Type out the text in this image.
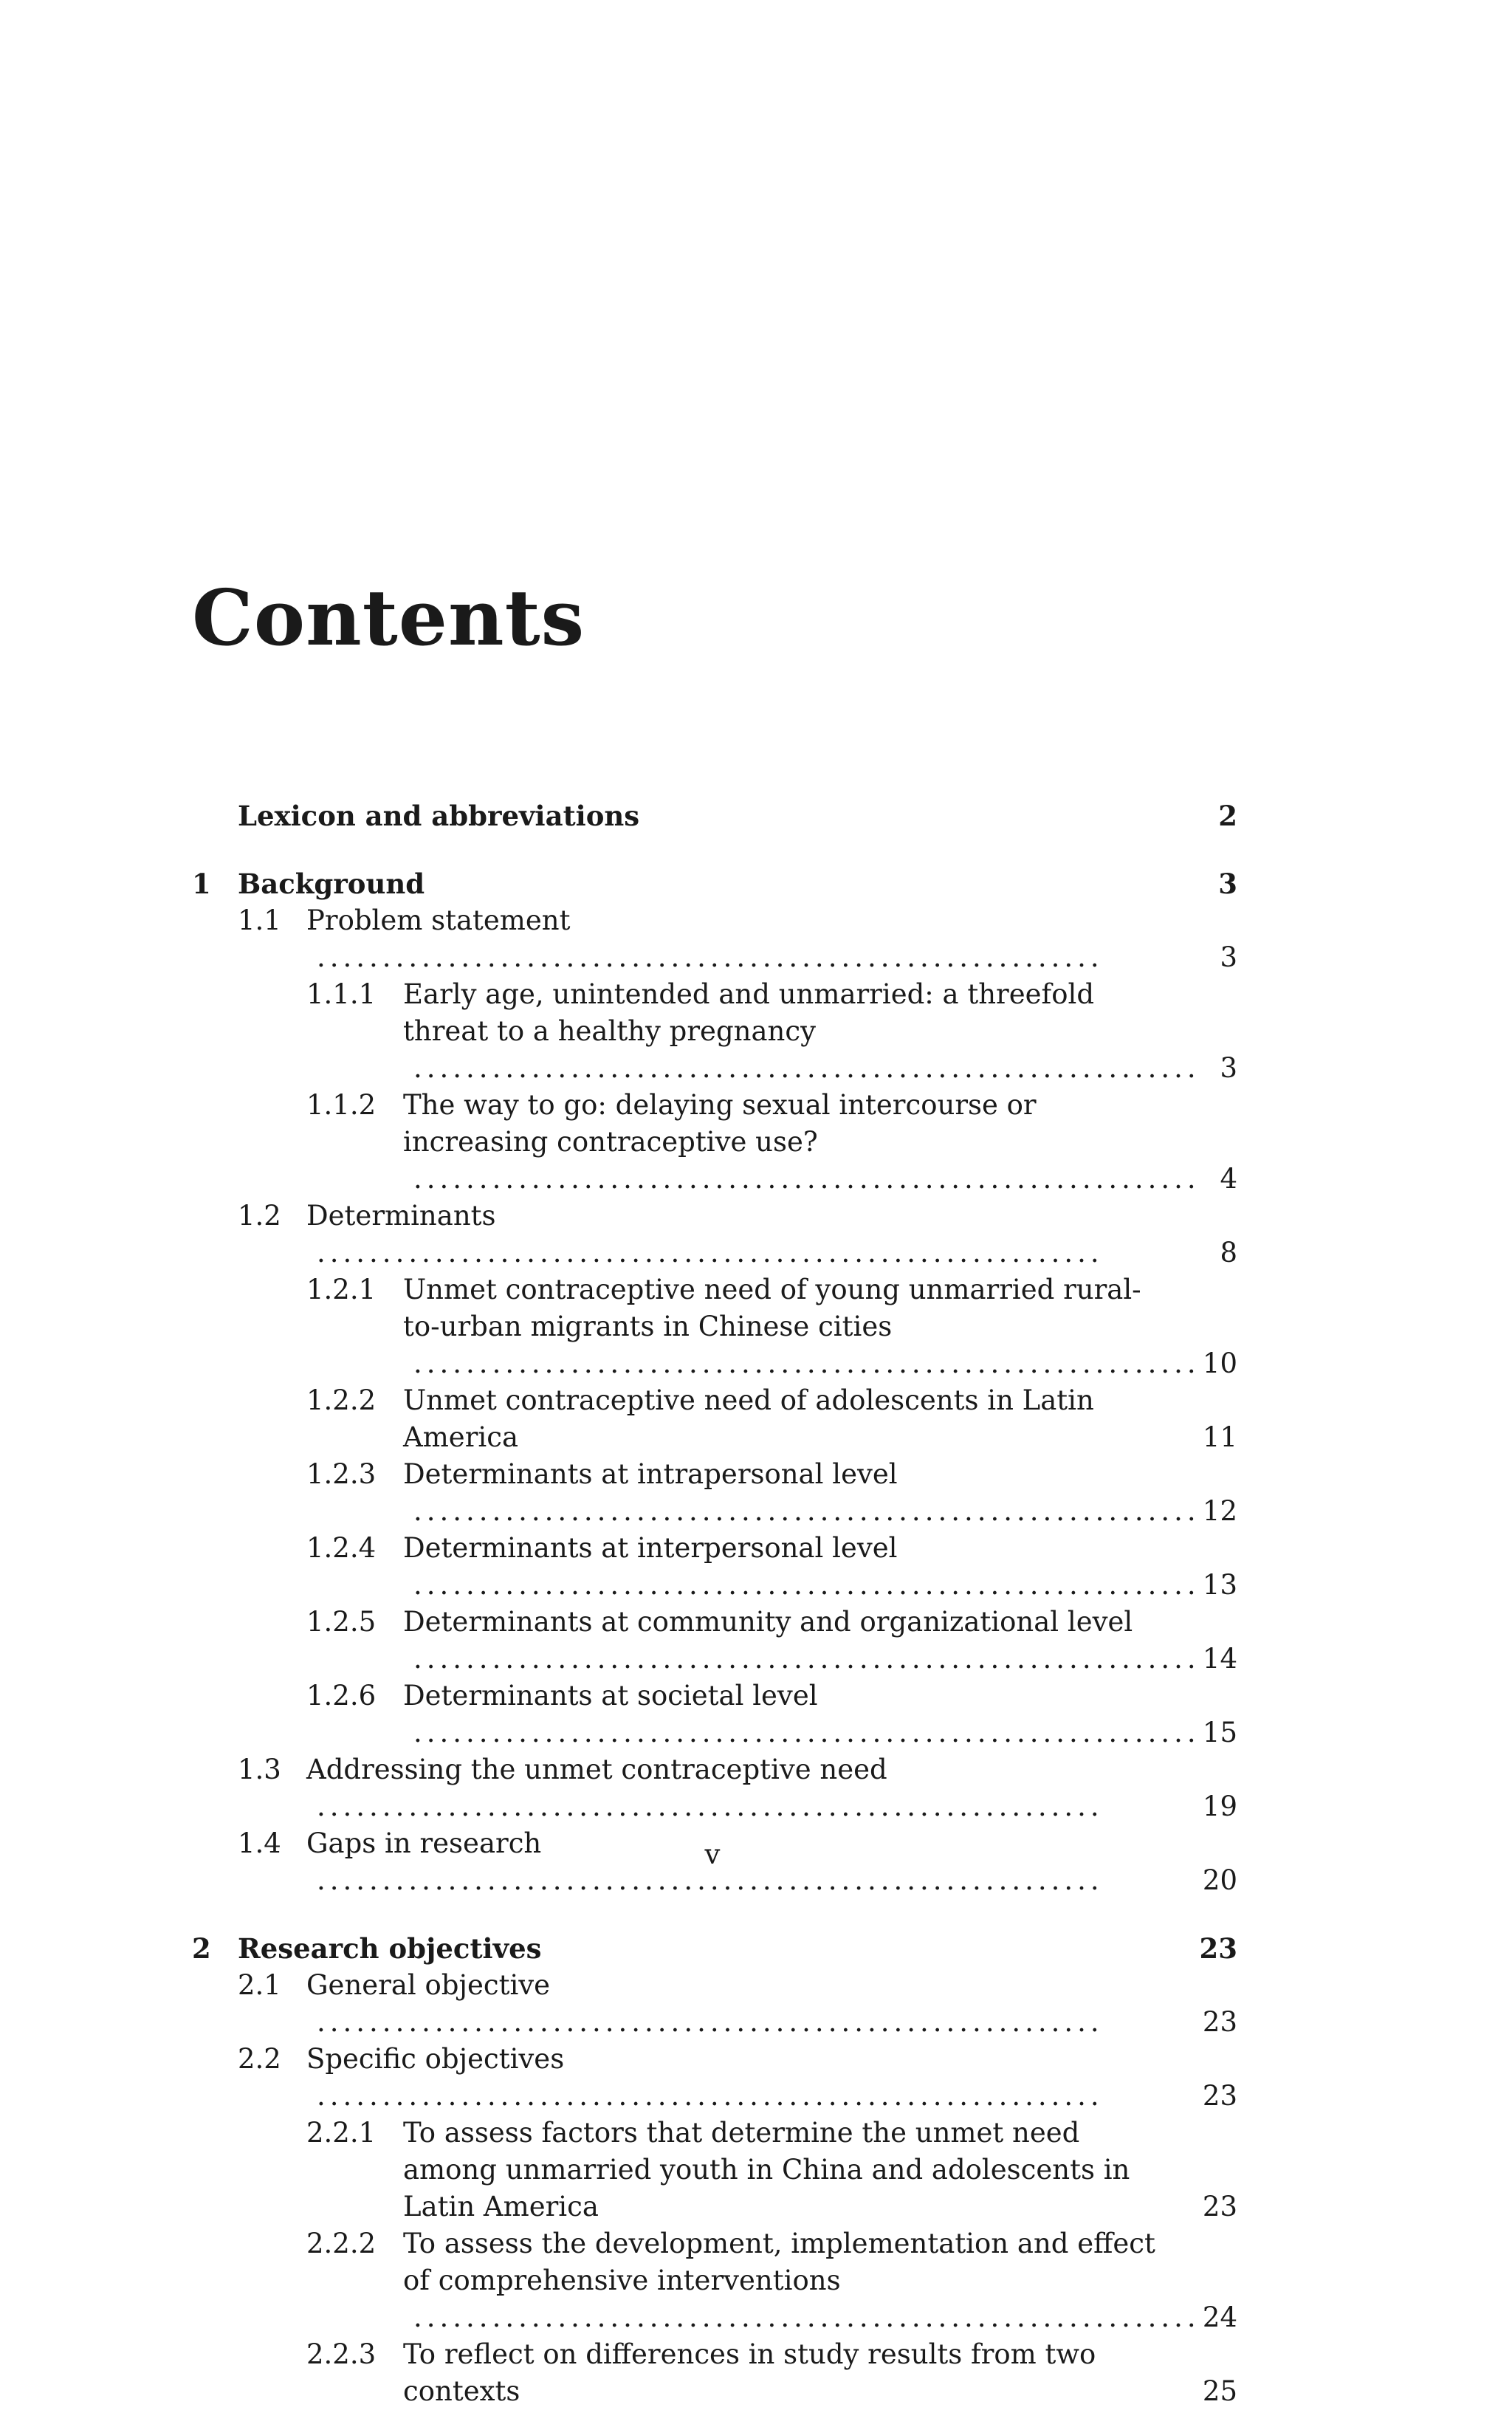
Contents
Lexicon and abbreviations	2
1 Background	3
1.1 Problem statement............................................................	3
1.1.1 Early age, unintended and unmarried: a threefold threat to a healthy pregnancy............................................................ 3
1.1.2 The way to go: delaying sexual intercourse or increasing contraceptive use?............................................................ 4
1.2 Determinants............................................................	8
1.2.1 Unmet contraceptive need of young unmarried rural-to-urban migrants in Chinese cities............................................................ 10
1.2.2 Unmet contraceptive need of adolescents in Latin America	11
1.2.3 Determinants at intrapersonal level............................................................ 12
1.2.4 Determinants at interpersonal level............................................................ 13
1.2.5 Determinants at community and organizational level............................................................ 14
1.2.6 Determinants at societal level............................................................ 15
1.3 Addressing the unmet contraceptive need............................................................	19
1.4 Gaps in research............................................................	20
2 Research objectives	23
2.1 General objective............................................................	23
2.2 Specific objectives............................................................	23
2.2.1 To assess factors that determine the unmet need among unmarried youth in China and adolescents in Latin America	23
2.2.2 To assess the development, implementation and effect of comprehensive interventions............................................................ 24
2.2.3 To reflect on differences in study results from two contexts	25
v
